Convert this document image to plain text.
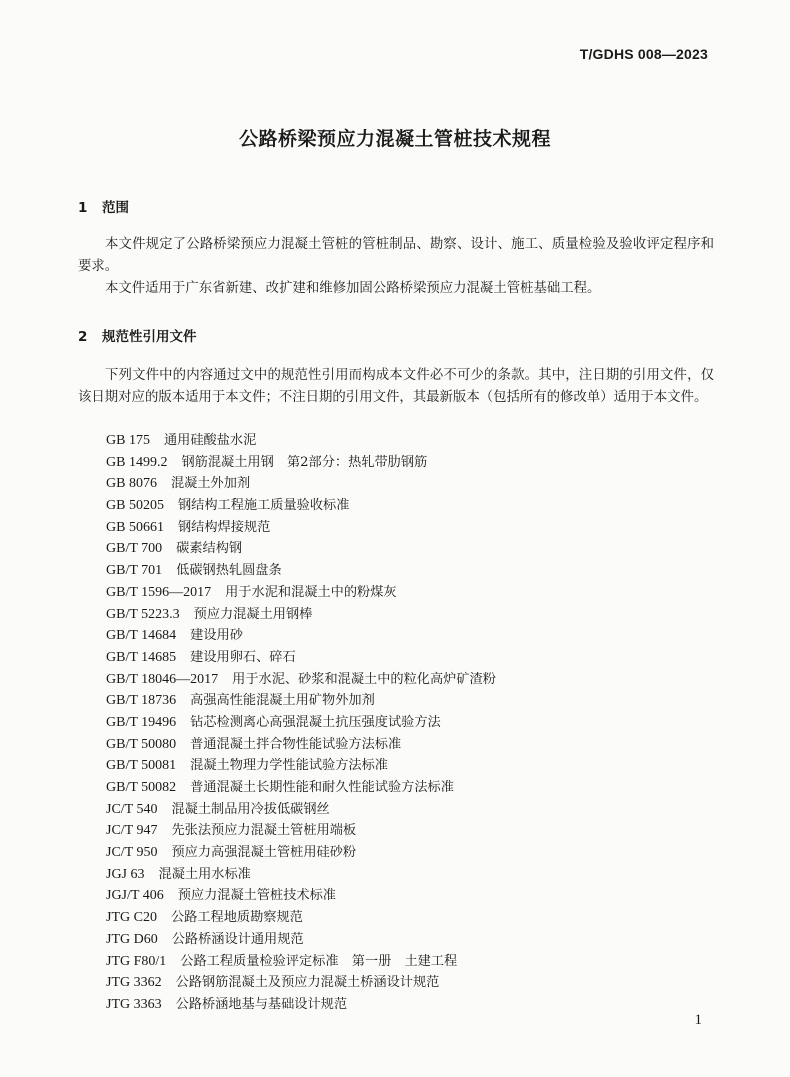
T/GDHS 008—2023
公路桥梁预应力混凝土管桩技术规程
1 范围
本文件规定了公路桥梁预应力混凝土管桩的管桩制品、勘察、设计、施工、质量检验及验收评定程序和要求。
本文件适用于广东省新建、改扩建和维修加固公路桥梁预应力混凝土管桩基础工程。
2 规范性引用文件
下列文件中的内容通过文中的规范性引用而构成本文件必不可少的条款。其中，注日期的引用文件，仅该日期对应的版本适用于本文件；不注日期的引用文件，其最新版本（包括所有的修改单）适用于本文件。
GB 175 通用硅酸盐水泥
GB 1499.2 钢筋混凝土用钢　第2部分：热轧带肋钢筋
GB 8076 混凝土外加剂
GB 50205 钢结构工程施工质量验收标准
GB 50661 钢结构焊接规范
GB/T 700 碳素结构钢
GB/T 701 低碳钢热轧圆盘条
GB/T 1596—2017 用于水泥和混凝土中的粉煤灰
GB/T 5223.3 预应力混凝土用钢棒
GB/T 14684 建设用砂
GB/T 14685 建设用卵石、碎石
GB/T 18046—2017 用于水泥、砂浆和混凝土中的粒化高炉矿渣粉
GB/T 18736 高强高性能混凝土用矿物外加剂
GB/T 19496 钻芯检测离心高强混凝土抗压强度试验方法
GB/T 50080 普通混凝土拌合物性能试验方法标准
GB/T 50081 混凝土物理力学性能试验方法标准
GB/T 50082 普通混凝土长期性能和耐久性能试验方法标准
JC/T 540 混凝土制品用冷拔低碳钢丝
JC/T 947 先张法预应力混凝土管桩用端板
JC/T 950 预应力高强混凝土管桩用硅砂粉
JGJ 63 混凝土用水标准
JGJ/T 406 预应力混凝土管桩技术标准
JTG C20 公路工程地质勘察规范
JTG D60 公路桥涵设计通用规范
JTG F80/1 公路工程质量检验评定标准　第一册　土建工程
JTG 3362 公路钢筋混凝土及预应力混凝土桥涵设计规范
JTG 3363 公路桥涵地基与基础设计规范
1
